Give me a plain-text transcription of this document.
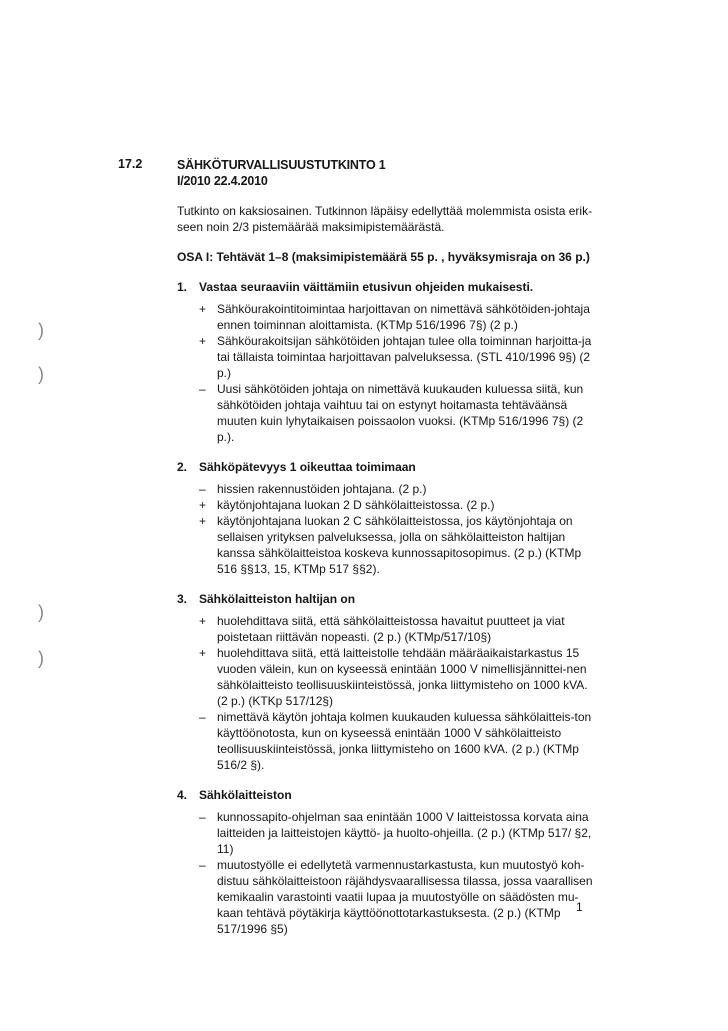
17.2	SÄHKÖTURVALLISUUSTUTKINTO 1
I/2010 22.4.2010
Tutkinto on kaksiosainen. Tutkinnon läpäisy edellyttää molemmista osista erik-seen noin 2/3 pistemäärää maksimipistemäärästä.
OSA I: Tehtävät 1–8 (maksimipistemäärä 55 p. , hyväksymisraja on 36 p.)
1. Vastaa seuraaviin väittämiin etusivun ohjeiden mukaisesti.
+ Sähköurakointitoimintaa harjoittavan on nimettävä sähkötöiden-johtaja ennen toiminnan aloittamista. (KTMp 516/1996 7§) (2 p.)
+ Sähköurakoitsijan sähkötöiden johtajan tulee olla toiminnan harjoitta-ja tai tällaista toimintaa harjoittavan palveluksessa. (STL 410/1996 9§) (2 p.)
– Uusi sähkötöiden johtaja on nimettävä kuukauden kuluessa siitä, kun sähkötöiden johtaja vaihtuu tai on estynyt hoitamasta tehtäväänsä muuten kuin lyhytaikaisen poissaolon vuoksi. (KTMp 516/1996 7§) (2 p.).
2. Sähköpätevyys 1 oikeuttaa toimimaan
– hissien rakennustöiden johtajana. (2 p.)
+ käytönjohtajana luokan 2 D sähkölaitteistossa. (2 p.)
+ käytönjohtajana luokan 2 C sähkölaitteistossa, jos käytönjohtaja on sellaisen yrityksen palveluksessa, jolla on sähkölaitteiston haltijan kanssa sähkölaitteistoa koskeva kunnossapitosopimus. (2 p.) (KTMp 516 §§13, 15, KTMp 517 §§2).
3. Sähkölaitteiston haltijan on
+ huolehdittava siitä, että sähkölaitteistossa havaitut puutteet ja viat poistetaan riittävän nopeasti. (2 p.) (KTMp/517/10§)
+ huolehdittava siitä, että laitteistolle tehdään määräaikaistarkastus 15 vuoden välein, kun on kyseessä enintään 1000 V nimellisjännittei-nen sähkölaitteisto teollisuuskiinteistössä, jonka liittymisteho on 1000 kVA. (2 p.) (KTKp 517/12§)
– nimettävä käytön johtaja kolmen kuukauden kuluessa sähkölaitteis-ton käyttöönotosta, kun on kyseessä enintään 1000 V sähkölaitteisto teollisuuskiinteistössä, jonka liittymisteho on 1600 kVA. (2 p.) (KTMp 516/2 §).
4. Sähkölaitteiston
– kunnossapito-ohjelman saa enintään 1000 V laitteistossa korvata aina laitteiden ja laitteistojen käyttö- ja huolto-ohjeilla. (2 p.) (KTMp 517/ §2, 11)
– muutostyölle ei edellytetä varmennustarkastusta, kun muutostyö koh-distuu sähkölaitteistoon räjähdysvaarallisessa tilassa, jossa vaarallisen kemikaalin varastointi vaatii lupaa ja muutostyölle on säädösten mu-kaan tehtävä pöytäkirja käyttöönottotarkastuksesta. (2 p.) (KTMp 517/1996 §5)
1
)
)
)
)
